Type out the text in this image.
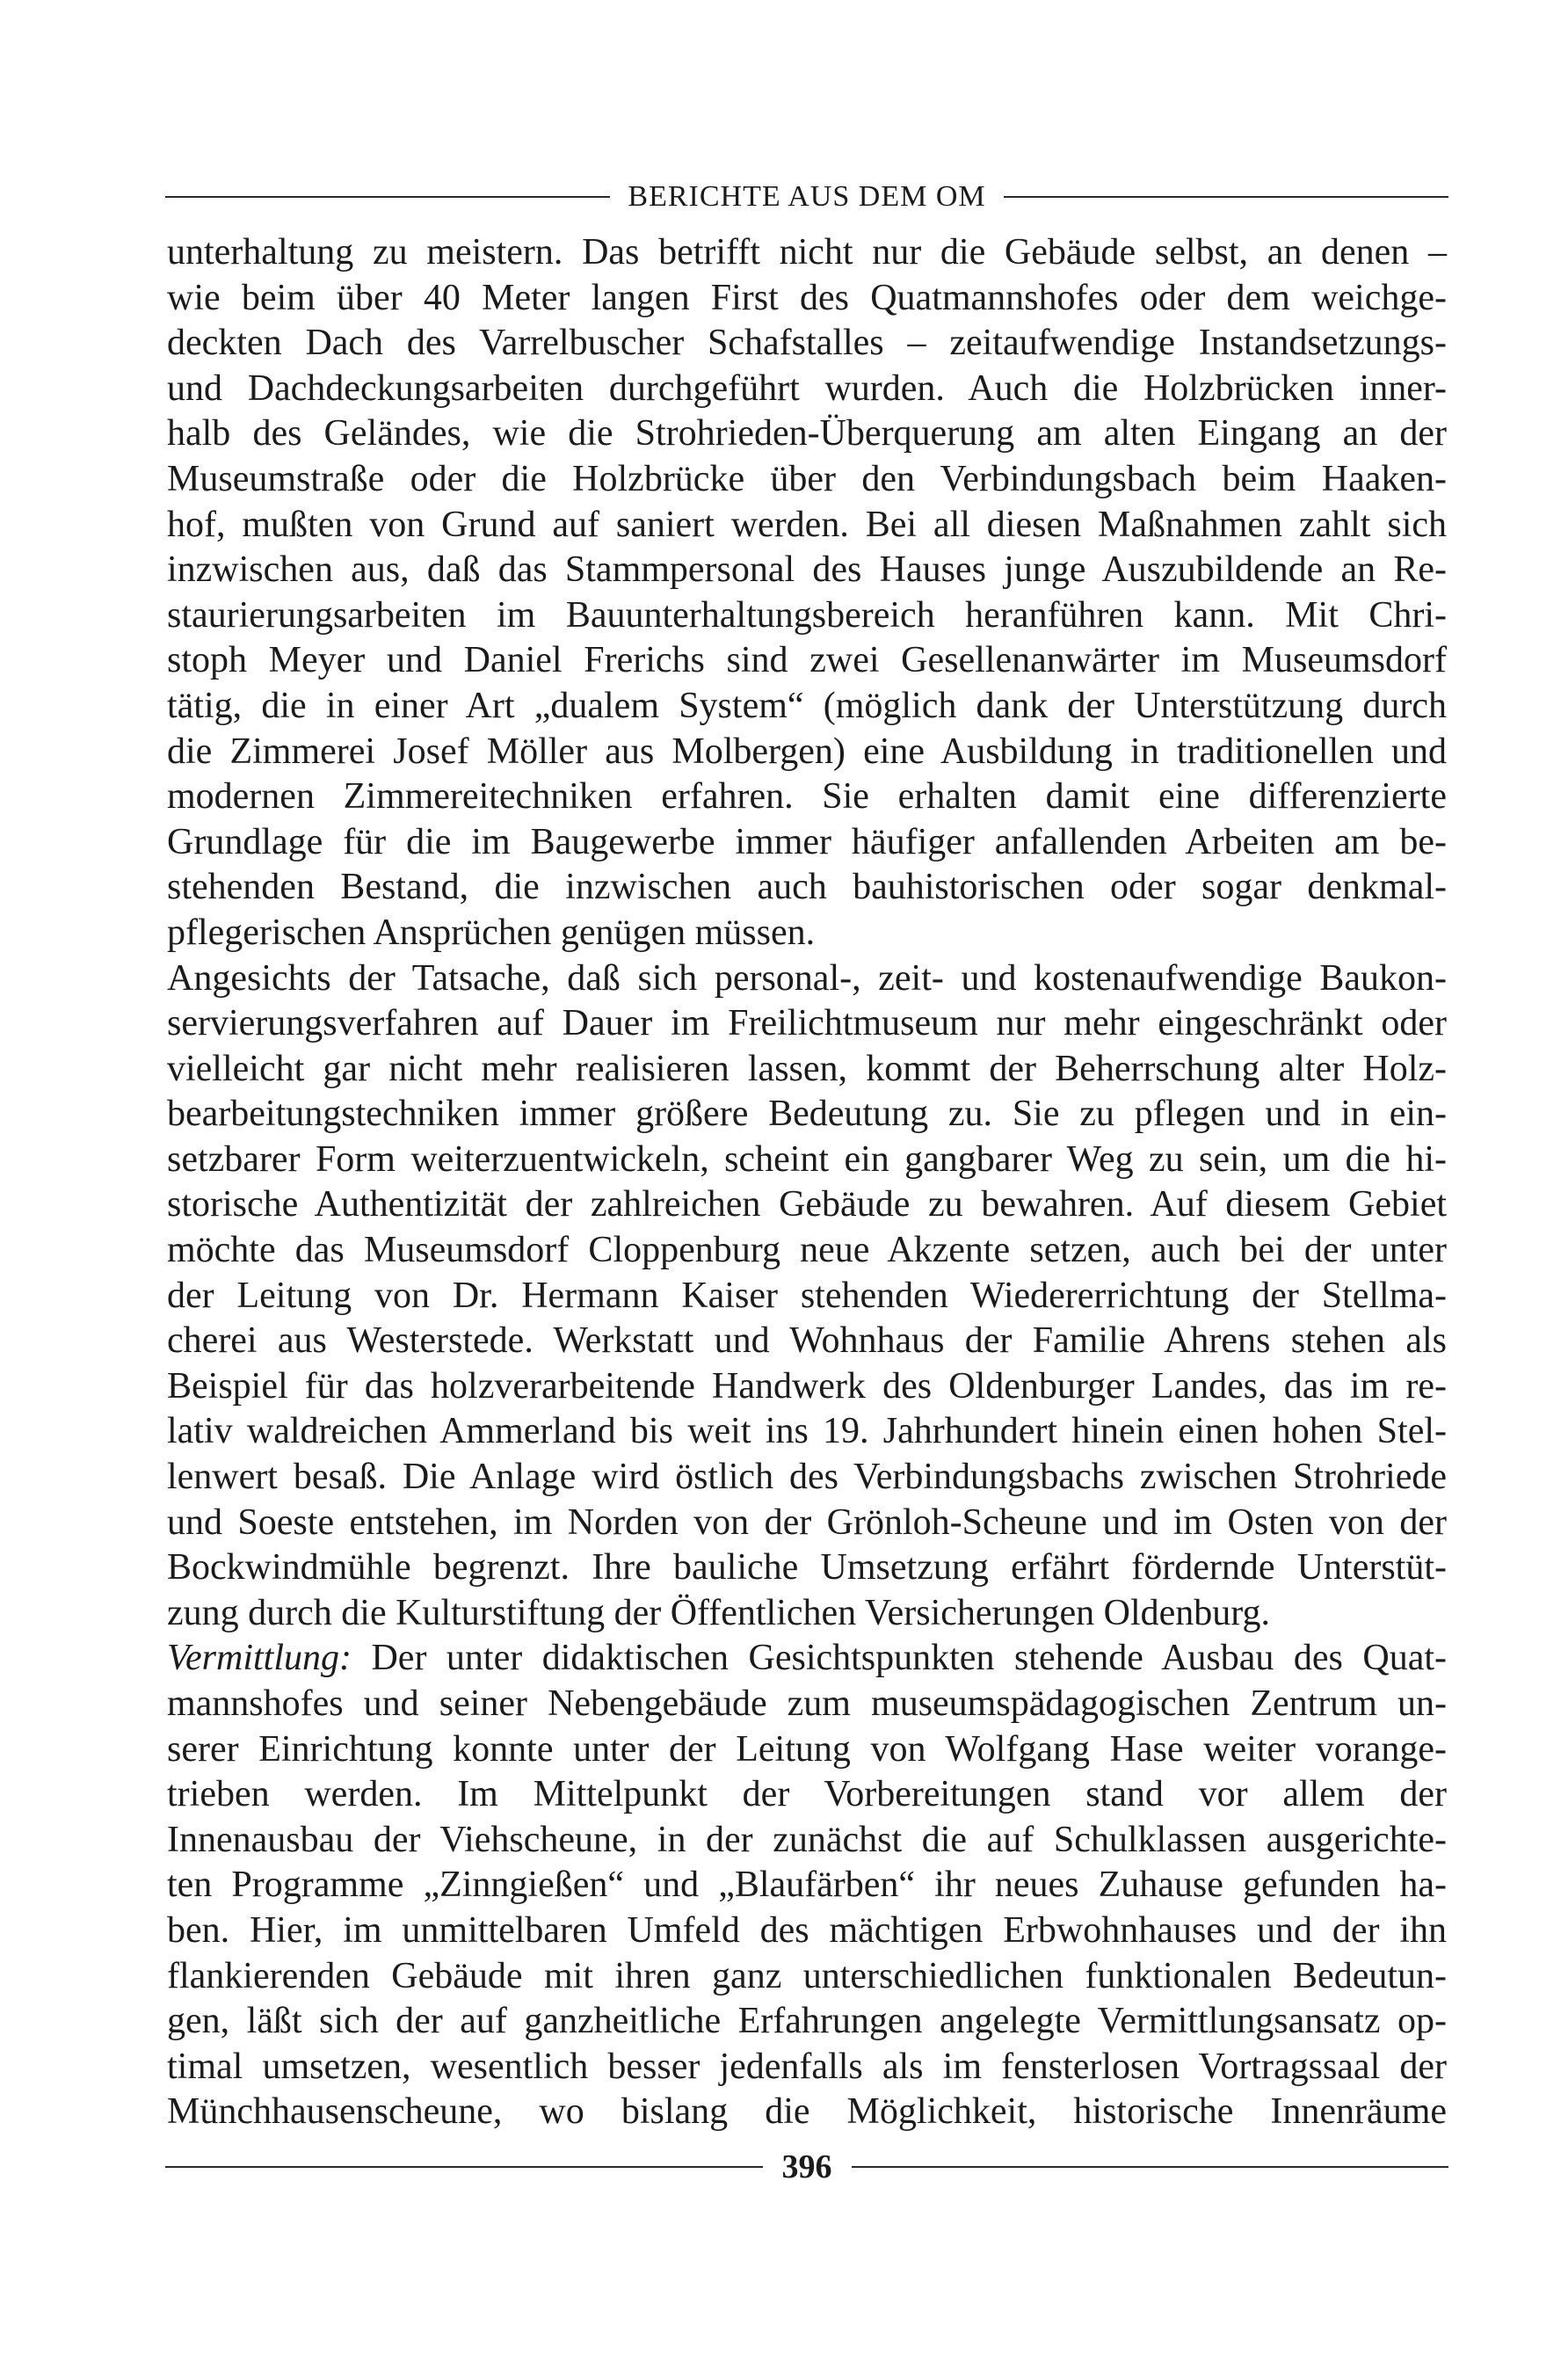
BERICHTE AUS DEM OM
unterhaltung zu meistern. Das betrifft nicht nur die Gebäude selbst, an denen –
wie beim über 40 Meter langen First des Quatmannshofes oder dem weichge-
deckten Dach des Varrelbuscher Schafstalles – zeitaufwendige Instandsetzungs-
und Dachdeckungsarbeiten durchgeführt wurden. Auch die Holzbrücken inner-
halb des Geländes, wie die Strohrieden-Überquerung am alten Eingang an der
Museumstraße oder die Holzbrücke über den Verbindungsbach beim Haaken-
hof, mußten von Grund auf saniert werden. Bei all diesen Maßnahmen zahlt sich
inzwischen aus, daß das Stammpersonal des Hauses junge Auszubildende an Re-
staurierungsarbeiten im Bauunterhaltungsbereich heranführen kann. Mit Chri-
stoph Meyer und Daniel Frerichs sind zwei Gesellenanwärter im Museumsdorf
tätig, die in einer Art „dualem System“ (möglich dank der Unterstützung durch
die Zimmerei Josef Möller aus Molbergen) eine Ausbildung in traditionellen und
modernen Zimmereitechniken erfahren. Sie erhalten damit eine differenzierte
Grundlage für die im Baugewerbe immer häufiger anfallenden Arbeiten am be-
stehenden Bestand, die inzwischen auch bauhistorischen oder sogar denkmal-
pflegerischen Ansprüchen genügen müssen.
Angesichts der Tatsache, daß sich personal-, zeit- und kostenaufwendige Baukon-
servierungsverfahren auf Dauer im Freilichtmuseum nur mehr eingeschränkt oder
vielleicht gar nicht mehr realisieren lassen, kommt der Beherrschung alter Holz-
bearbeitungstechniken immer größere Bedeutung zu. Sie zu pflegen und in ein-
setzbarer Form weiterzuentwickeln, scheint ein gangbarer Weg zu sein, um die hi-
storische Authentizität der zahlreichen Gebäude zu bewahren. Auf diesem Gebiet
möchte das Museumsdorf Cloppenburg neue Akzente setzen, auch bei der unter
der Leitung von Dr. Hermann Kaiser stehenden Wiedererrichtung der Stellma-
cherei aus Westerstede. Werkstatt und Wohnhaus der Familie Ahrens stehen als
Beispiel für das holzverarbeitende Handwerk des Oldenburger Landes, das im re-
lativ waldreichen Ammerland bis weit ins 19. Jahrhundert hinein einen hohen Stel-
lenwert besaß. Die Anlage wird östlich des Verbindungsbachs zwischen Strohriede
und Soeste entstehen, im Norden von der Grönloh-Scheune und im Osten von der
Bockwindmühle begrenzt. Ihre bauliche Umsetzung erfährt fördernde Unterstüt-
zung durch die Kulturstiftung der Öffentlichen Versicherungen Oldenburg.
Vermittlung: Der unter didaktischen Gesichtspunkten stehende Ausbau des Quat-
mannshofes und seiner Nebengebäude zum museumspädagogischen Zentrum un-
serer Einrichtung konnte unter der Leitung von Wolfgang Hase weiter vorange-
trieben werden. Im Mittelpunkt der Vorbereitungen stand vor allem der
Innenausbau der Viehscheune, in der zunächst die auf Schulklassen ausgerichte-
ten Programme „Zinngießen“ und „Blaufärben“ ihr neues Zuhause gefunden ha-
ben. Hier, im unmittelbaren Umfeld des mächtigen Erbwohnhauses und der ihn
flankierenden Gebäude mit ihren ganz unterschiedlichen funktionalen Bedeutun-
gen, läßt sich der auf ganzheitliche Erfahrungen angelegte Vermittlungsansatz op-
timal umsetzen, wesentlich besser jedenfalls als im fensterlosen Vortragssaal der
Münchhausenscheune, wo bislang die Möglichkeit, historische Innenräume
396
